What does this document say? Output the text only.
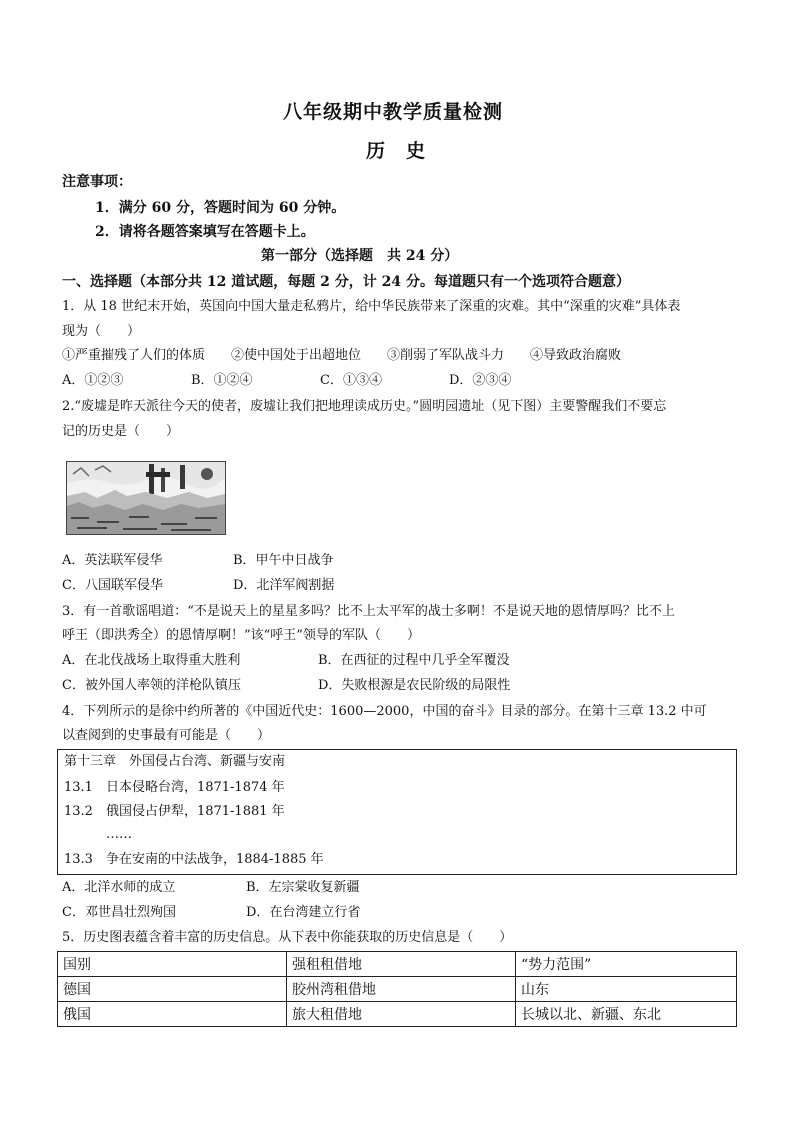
八年级期中教学质量检测
历　史
注意事项：
1．满分 60 分，答题时间为 60 分钟。
2．请将各题答案填写在答题卡上。
第一部分（选择题　共 24 分）
一、选择题（本部分共 12 道试题，每题 2 分，计 24 分。每道题只有一个选项符合题意）
1．从 18 世纪末开始，英国向中国大量走私鸦片，给中华民族带来了深重的灾难。其中“深重的灾难”具体表
现为（　　）
①严重摧残了人们的体质　　②使中国处于出超地位　　③削弱了军队战斗力　　④导致政治腐败
A．①②③	B．①②④	C．①③④	D．②③④
2.“废墟是昨天派往今天的使者，废墟让我们把地理读成历史。”圆明园遗址（见下图）主要警醒我们不要忘
记的历史是（　　）
A．英法联军侵华	B．甲午中日战争
C．八国联军侵华	D．北洋军阀割据
3．有一首歌谣唱道：“不是说天上的星星多吗？比不上太平军的战士多啊！不是说天地的恩情厚吗？比不上
呼王（即洪秀全）的恩情厚啊！”该“呼王”领导的军队（　　）
A．在北伐战场上取得重大胜利	B．在西征的过程中几乎全军覆没
C．被外国人率领的洋枪队镇压	D．失败根源是农民阶级的局限性
4．下列所示的是徐中约所著的《中国近代史：1600—2000，中国的奋斗》目录的部分。在第十三章 13.2 中可
以查阅到的史事最有可能是（　　）
第十三章　外国侵占台湾、新疆与安南
13.1　日本侵略台湾，1871-1874 年
13.2　俄国侵占伊犁，1871-1881 年
……
13.3　争在安南的中法战争，1884-1885 年
A．北洋水师的成立	B．左宗棠收复新疆
C．邓世昌壮烈殉国	D．在台湾建立行省
5．历史图表蕴含着丰富的历史信息。从下表中你能获取的历史信息是（　　）
国别	强租租借地	“势力范围”
德国	胶州湾租借地	山东
俄国	旅大租借地	长城以北、新疆、东北
